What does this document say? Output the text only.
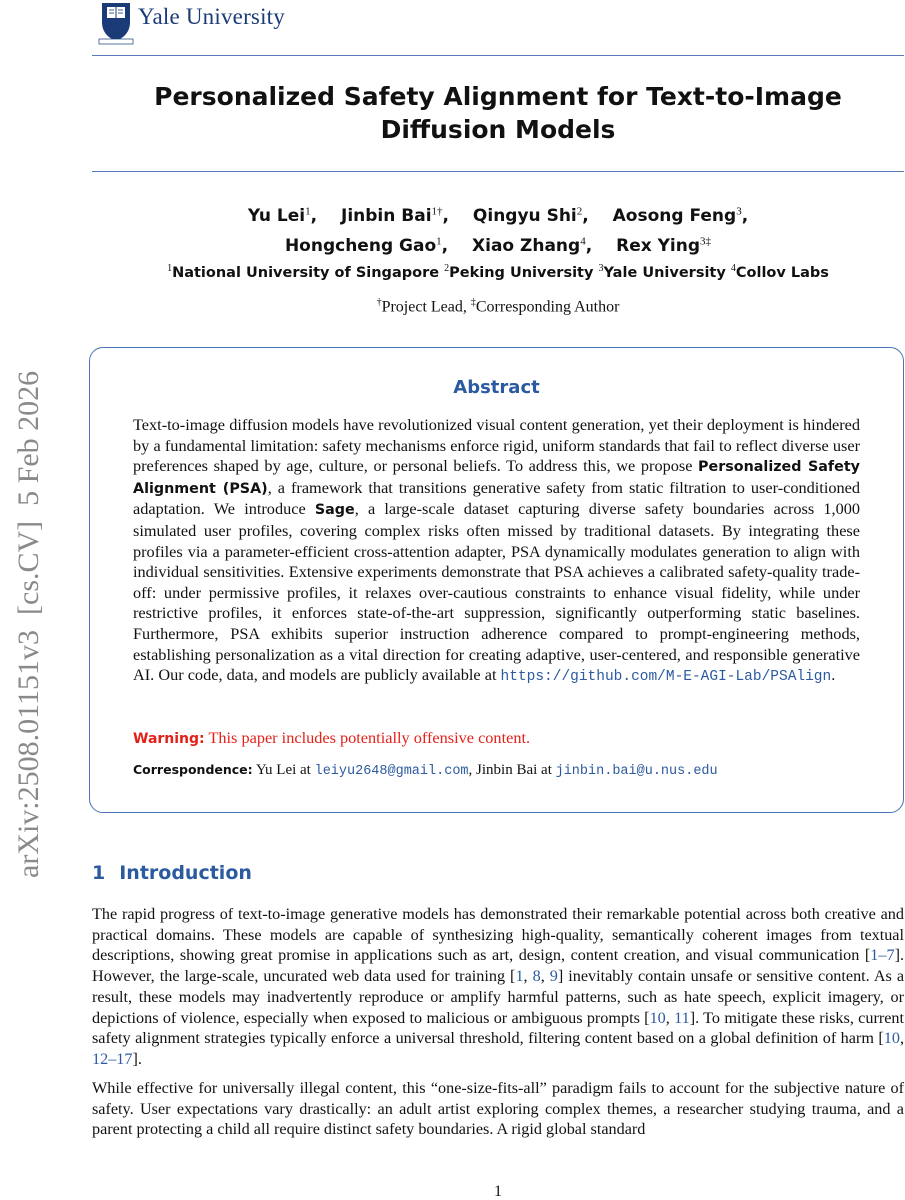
arXiv:2508.01151v3  [cs.CV]  5 Feb 2026
Yale University
Personalized Safety Alignment for Text-to-Image
Diffusion Models
Yu Lei$^1$, Jinbin Bai$^{1\dagger}$, Qingyu Shi$^2$, Aosong Feng$^3$,
Hongcheng Gao$^1$, Xiao Zhang$^4$, Rex Ying$^{3\ddagger}$
$^1$National University of Singapore $^2$Peking University $^3$Yale University $^4$Collov Labs
†Project Lead, ‡Corresponding Author
Abstract
Text-to-image diffusion models have revolutionized visual content generation, yet their deployment is hindered by a fundamental limitation: safety mechanisms enforce rigid, uniform standards that fail to reflect diverse user preferences shaped by age, culture, or personal beliefs. To address this, we propose Personalized Safety Alignment (PSA), a framework that transitions generative safety from static filtration to user-conditioned adaptation. We introduce Sage, a large-scale dataset capturing diverse safety boundaries across 1,000 simulated user profiles, covering complex risks often missed by traditional datasets. By integrating these profiles via a parameter-efficient cross-attention adapter, PSA dynamically modulates generation to align with individual sensitivities. Extensive experiments demonstrate that PSA achieves a calibrated safety-quality trade-off: under permissive profiles, it relaxes over-cautious constraints to enhance visual fidelity, while under restrictive profiles, it enforces state-of-the-art suppression, significantly outperforming static baselines. Furthermore, PSA exhibits superior instruction adherence compared to prompt-engineering methods, establishing personalization as a vital direction for creating adaptive, user-centered, and responsible generative AI. Our code, data, and models are publicly available at https://github.com/M-E-AGI-Lab/PSAlign.
Warning: This paper includes potentially offensive content.
Correspondence: Yu Lei at leiyu2648@gmail.com, Jinbin Bai at jinbin.bai@u.nus.edu
1 Introduction
The rapid progress of text-to-image generative models has demonstrated their remarkable potential across both creative and practical domains. These models are capable of synthesizing high-quality, semantically coherent images from textual descriptions, showing great promise in applications such as art, design, content creation, and visual communication [1–7]. However, the large-scale, uncurated web data used for training [1, 8, 9] inevitably contain unsafe or sensitive content. As a result, these models may inadvertently reproduce or amplify harmful patterns, such as hate speech, explicit imagery, or depictions of violence, especially when exposed to malicious or ambiguous prompts [10, 11]. To mitigate these risks, current safety alignment strategies typically enforce a universal threshold, filtering content based on a global definition of harm [10, 12–17].
While effective for universally illegal content, this “one-size-fits-all” paradigm fails to account for the subjective nature of safety. User expectations vary drastically: an adult artist exploring complex themes, a researcher studying trauma, and a parent protecting a child all require distinct safety boundaries. A rigid global standard
1
